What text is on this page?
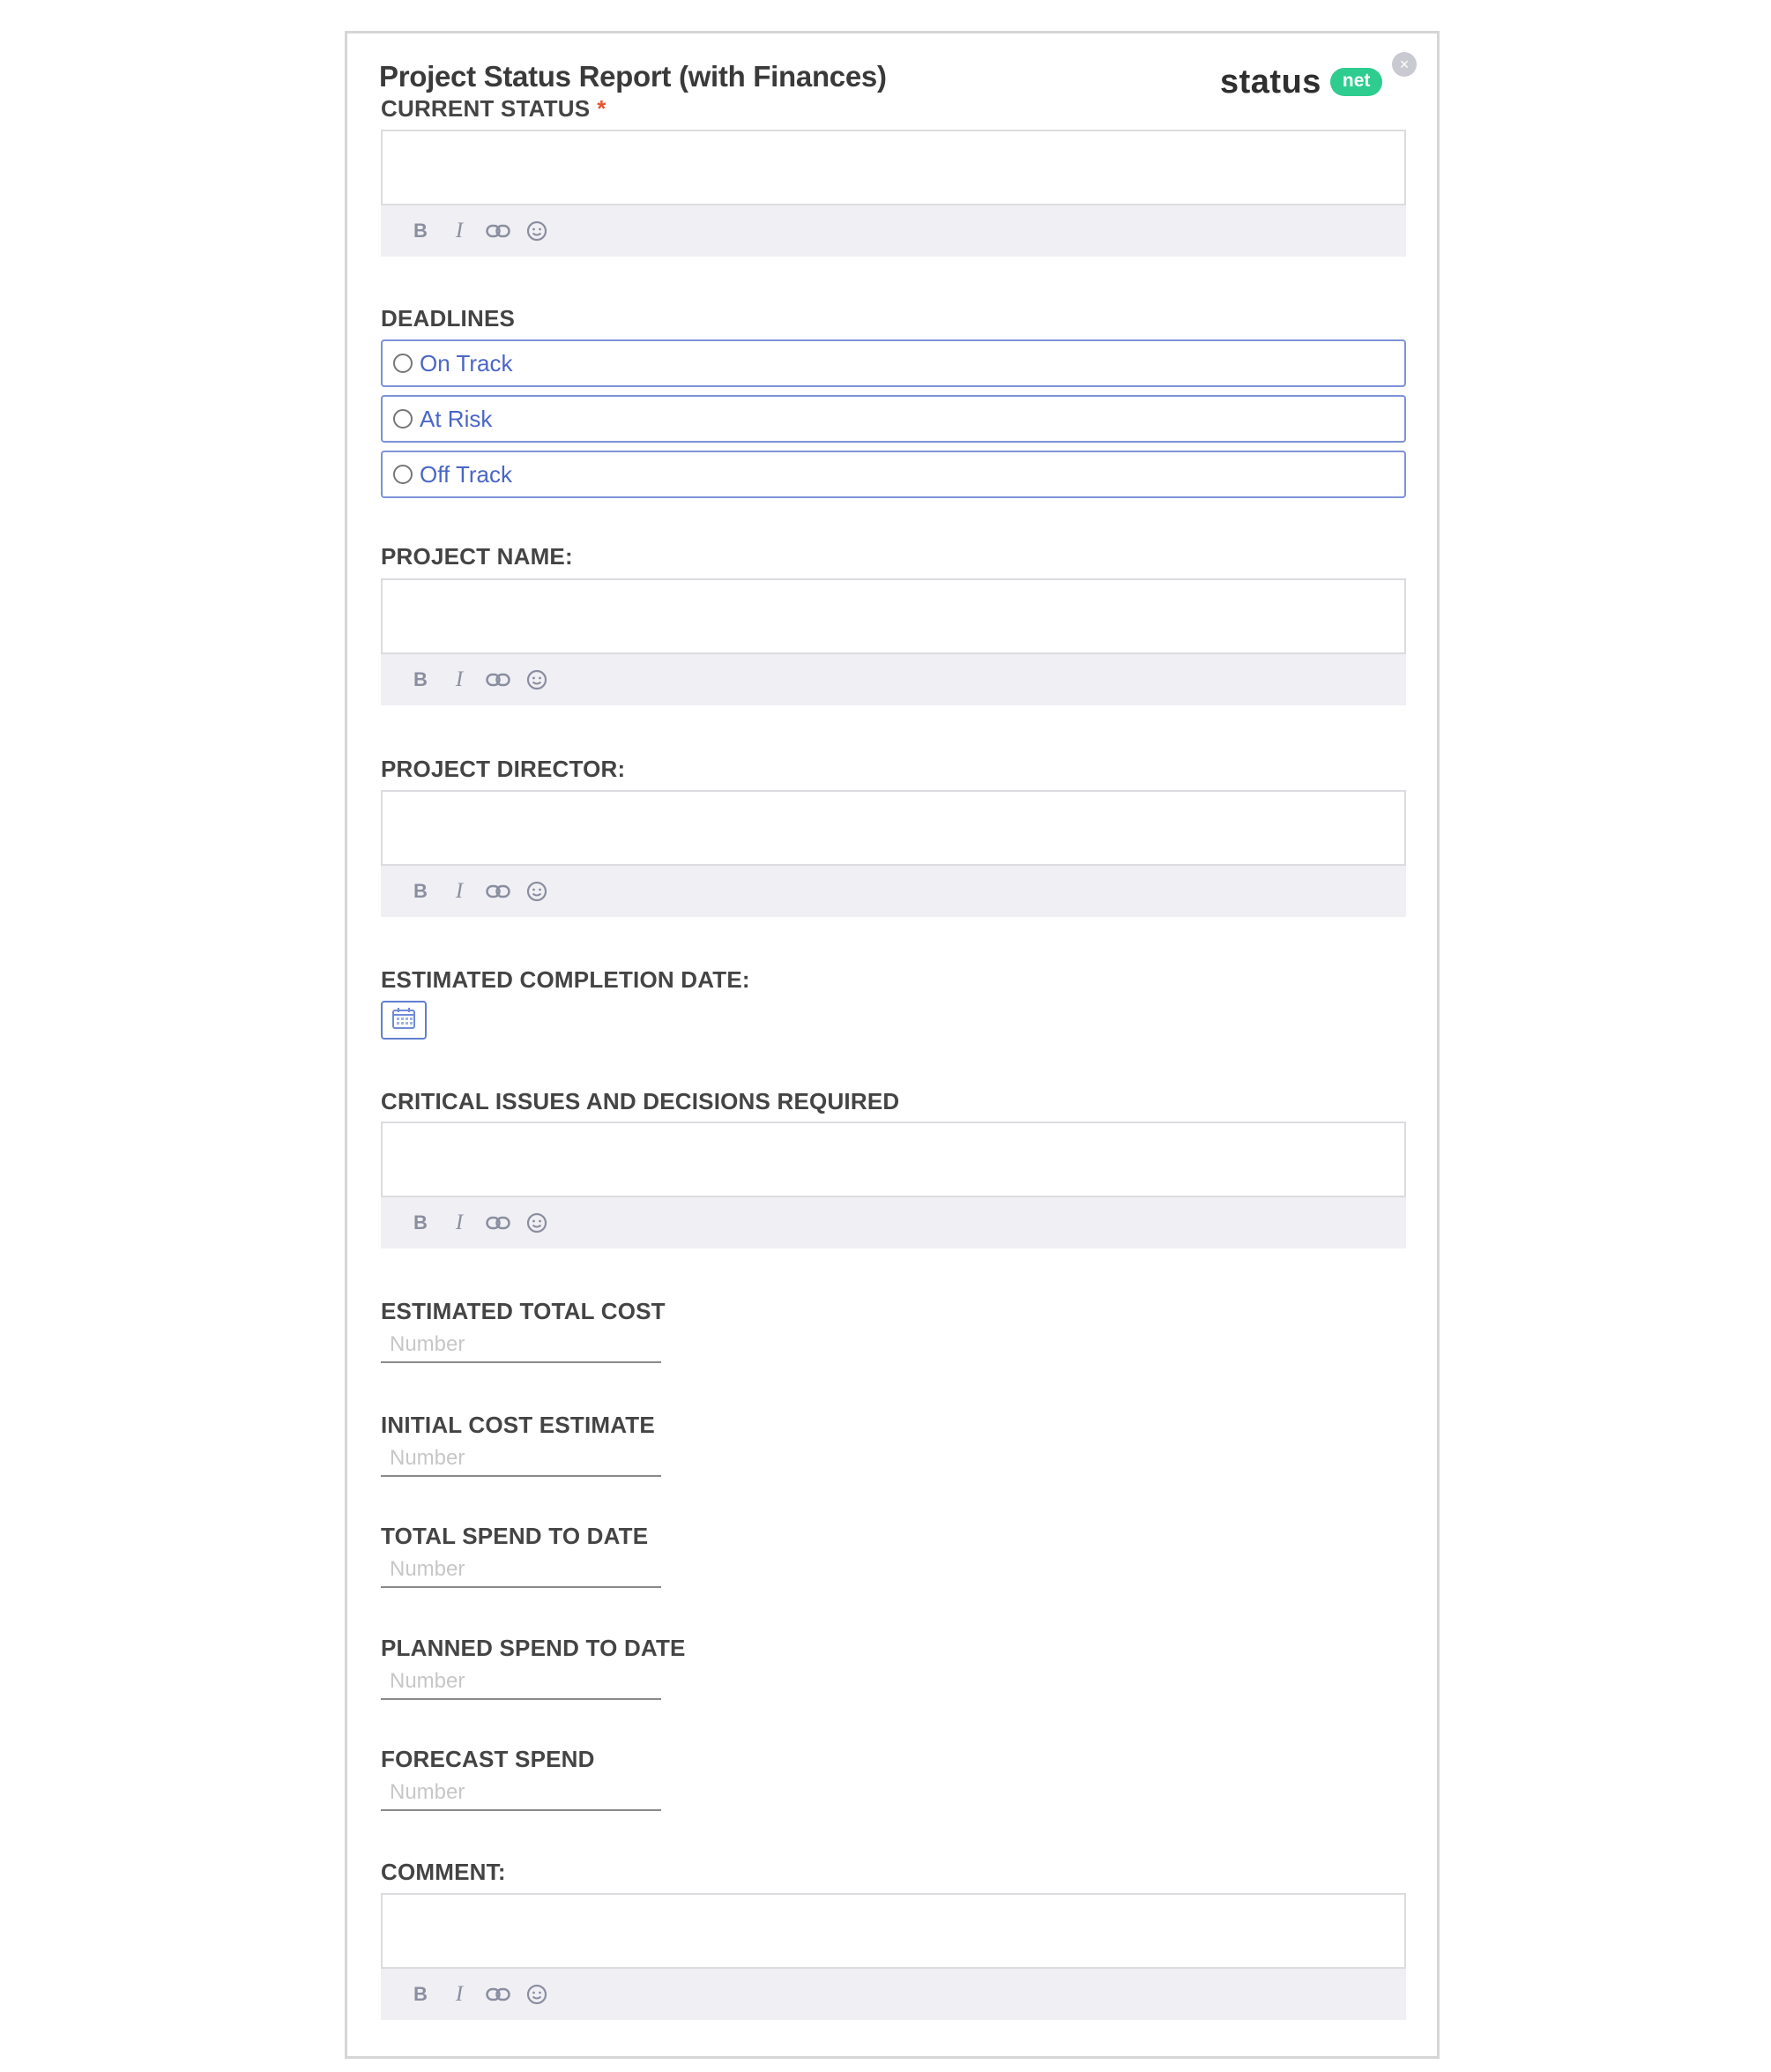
Project Status Report (with Finances)	status	net
×
CURRENT STATUS *
B	I
DEADLINES
On Track
At Risk
Off Track
PROJECT NAME:
B	I
PROJECT DIRECTOR:
B	I
ESTIMATED COMPLETION DATE:
CRITICAL ISSUES AND DECISIONS REQUIRED
B	I
ESTIMATED TOTAL COST
Number
INITIAL COST ESTIMATE
Number
TOTAL SPEND TO DATE
Number
PLANNED SPEND TO DATE
Number
FORECAST SPEND
Number
COMMENT:
B	I
